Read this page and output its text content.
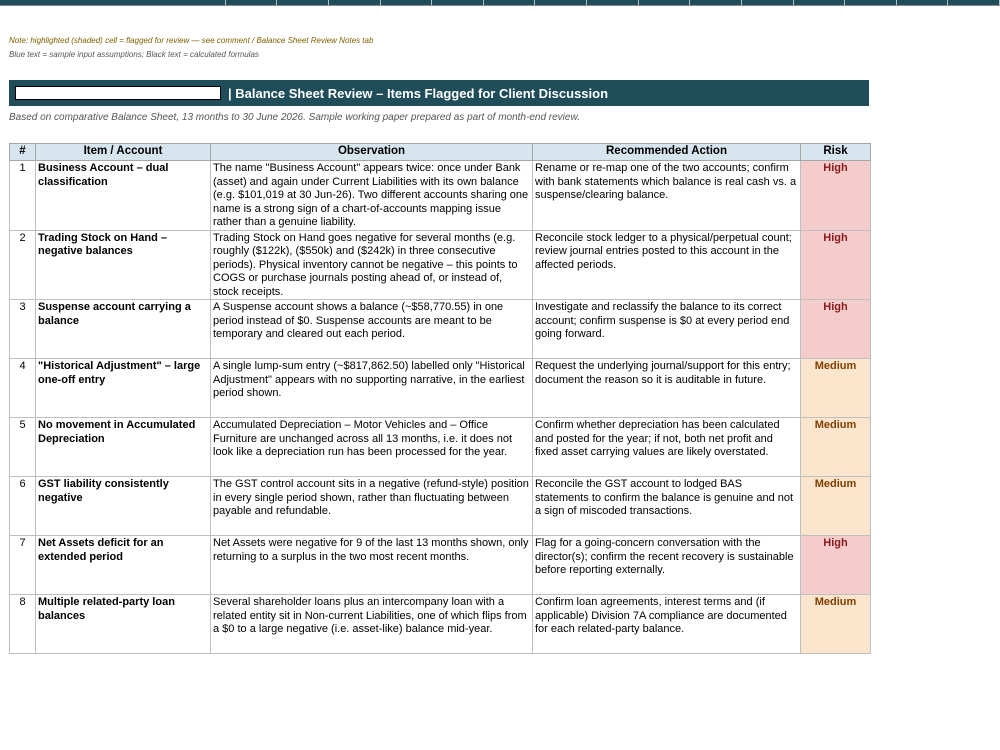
Note: highlighted (shaded) cell = flagged for review — see comment / Balance Sheet Review Notes tab
Blue text = sample input assumptions; Black text = calculated formulas
| Balance Sheet Review – Items Flagged for Client Discussion
Based on comparative Balance Sheet, 13 months to 30 June 2026. Sample working paper prepared as part of month-end review.
#	Item / Account	Observation	Recommended Action	Risk
1	Business Account – dual classification	The name "Business Account" appears twice: once under Bank (asset) and again under Current Liabilities with its own balance (e.g. $101,019 at 30 Jun-26). Two different accounts sharing one name is a strong sign of a chart-of-accounts mapping issue rather than a genuine liability.	Rename or re-map one of the two accounts; confirm with bank statements which balance is real cash vs. a suspense/clearing balance.	High
2	Trading Stock on Hand – negative balances	Trading Stock on Hand goes negative for several months (e.g. roughly ($122k), ($550k) and ($242k) in three consecutive periods). Physical inventory cannot be negative – this points to COGS or purchase journals posting ahead of, or instead of, stock receipts.	Reconcile stock ledger to a physical/perpetual count; review journal entries posted to this account in the affected periods.	High
3	Suspense account carrying a balance	A Suspense account shows a balance (~$58,770.55) in one period instead of $0. Suspense accounts are meant to be temporary and cleared out each period.	Investigate and reclassify the balance to its correct account; confirm suspense is $0 at every period end going forward.	High
4	"Historical Adjustment" – large one-off entry	A single lump-sum entry (~$817,862.50) labelled only "Historical Adjustment" appears with no supporting narrative, in the earliest period shown.	Request the underlying journal/support for this entry; document the reason so it is auditable in future.	Medium
5	No movement in Accumulated Depreciation	Accumulated Depreciation – Motor Vehicles and – Office Furniture are unchanged across all 13 months, i.e. it does not look like a depreciation run has been processed for the year.	Confirm whether depreciation has been calculated and posted for the year; if not, both net profit and fixed asset carrying values are likely overstated.	Medium
6	GST liability consistently negative	The GST control account sits in a negative (refund-style) position in every single period shown, rather than fluctuating between payable and refundable.	Reconcile the GST account to lodged BAS statements to confirm the balance is genuine and not a sign of miscoded transactions.	Medium
7	Net Assets deficit for an extended period	Net Assets were negative for 9 of the last 13 months shown, only returning to a surplus in the two most recent months.	Flag for a going-concern conversation with the director(s); confirm the recent recovery is sustainable before reporting externally.	High
8	Multiple related-party loan balances	Several shareholder loans plus an intercompany loan with a related entity sit in Non-current Liabilities, one of which flips from a $0 to a large negative (i.e. asset-like) balance mid-year.	Confirm loan agreements, interest terms and (if applicable) Division 7A compliance are documented for each related-party balance.	Medium
